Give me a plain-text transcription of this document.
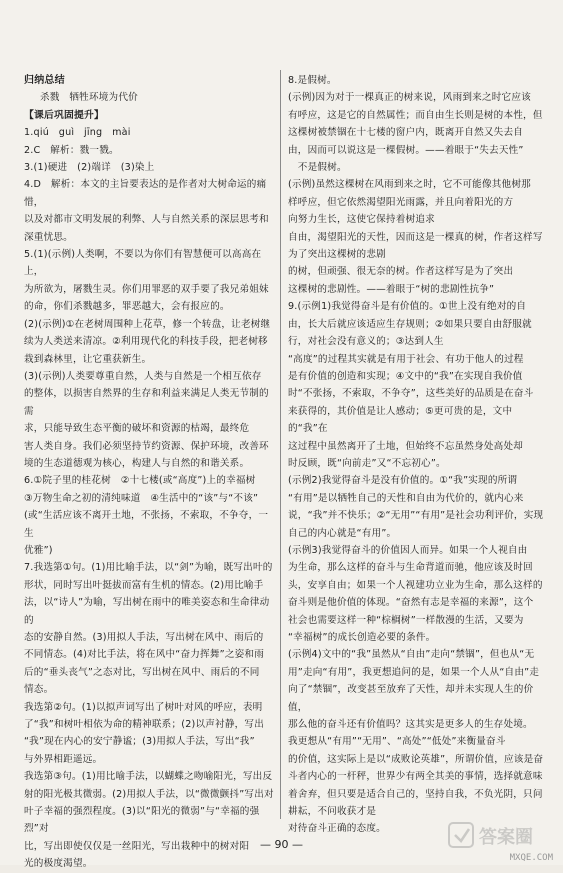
归纳总结
杀戮　牺牲环境为代价
【课后巩固提升】
1.qiú　guì　jīng　mài
2.C　解析：戮一戮。
3.(1)硬进　(2)端详　(3)染上
4.D　解析：本文的主旨要表达的是作者对大树命运的痛惜，
以及对都市文明发展的利弊、人与自然关系的深层思考和
深重忧思。
5.(1)(示例)人类啊，不要以为你们有智慧便可以高高在上，
为所欲为，屠戮生灵。你们用罪恶的双手要了我兄弟姐妹
的命，你们杀戮越多，罪恶越大，会有报应的。
(2)(示例)①在老树周围种上花草，修一个转盘，让老树继
续为人类送来清凉。②利用现代化的科技手段，把老树移
栽到森林里，让它重获新生。
(3)(示例)人类要尊重自然，人类与自然是一个相互依存
的整体，以损害自然界的生存和利益来满足人类无节制的需
求，只能导致生态平衡的破坏和资源的枯竭，最终危
害人类自身。我们必须坚持节约资源、保护环境，改善环
境的生态道德观为核心，构建人与自然的和谐关系。
6.①院子里的桂花树　②十七楼(或“高度”)上的幸福树
③万物生命之初的清纯味道　④生活中的“该”与“不该”
(或“生活应该不离开土地，不张扬，不索取，不争夺，一生
优雅”)
7.我选第①句。(1)用比喻手法，以“剑”为喻，既写出叶的
形状，同时写出叶挺拔而富有生机的情态。(2)用比喻手
法，以“诗人”为喻，写出树在雨中的唯美姿态和生命律动的
态的安静自然。(3)用拟人手法，写出树在风中、雨后的
不同情态。(4)对比手法，将在风中“奋力挥舞”之姿和雨
后的“垂头丧气”之态对比，写出树在风中、雨后的不同
情态。
我选第②句。(1)以拟声词写出了树叶对风的呼应，表明
了“我”和树叶相依为命的精神联系；(2)以声衬静，写出
“我”现在内心的安宁静谧；(3)用拟人手法，写出“我”
与外界相距遥远。
我选第③句。(1)用比喻手法，以蝴蝶之吻喻阳光，写出反
射的阳光极其微弱。(2)用拟人手法，以“微微颤抖”写出对
叶子幸福的强烈程度。(3)以“阳光的微弱”与“幸福的强烈”对
比，写出即使仅仅是一丝阳光，写出栽种中的树对阳
光的极度渴望。
8.是假树。
(示例)因为对于一棵真正的树来说，风雨到来之时它应该
有呼应，这是它的自然属性；而自由生长则是树的本性，但
这棵树被禁锢在十七楼的窗户内，既离开自然又失去自
由，因而可以说这是一棵假树。——着眼于“失去天性”
　不是假树。
(示例)虽然这棵树在风雨到来之时，它不可能像其他树那
样呼应，但它依然渴望阳光雨露，并且向着阳光的方
向努力生长，这使它保持着树追求
自由，渴望阳光的天性，因而这是一棵真的树，作者这样写为了突出这棵树的悲剧
的树，但顽强、很无奈的树。作者这样写是为了突出
这棵树的悲剧性。——着眼于“树的悲剧性抗争”
9.(示例1)我觉得奋斗是有价值的。①世上没有绝对的自
由，长大后就应该适应生存规则；②如果只要自由舒服就
行，对社会没有意义的；③达到人生
“高度”的过程其实就是有用于社会、有功于他人的过程
是有价值的创造和实现；④文中的“我”在实现自我价值
时“不张扬，不索取，不争夺”，这些美好的品质是在奋斗
来获得的，其价值是让人感动；⑤更可贵的是，文中的“我”在
这过程中虽然离开了土地，但始终不忘虽然身处高处却
时反顾，既“向前走”又“不忘初心”。
(示例2)我觉得奋斗是没有价值的。①“我”实现的所谓
“有用”是以牺牲自己的天性和自由为代价的，就内心来
说，“我”并不快乐；②“无用”“有用”是社会功利评价，实现
自己的内心就是“有用”。
(示例3)我觉得奋斗的价值因人而异。如果一个人视自由
为生命，那么这样的奋斗与生命背道而驰，他应该及时回
头，安享自由；如果一个人视建功立业为生命，那么这样的
奋斗则是他价值的体现。“奋然有志是幸福的来源”，这个
社会也需要这样一种“棕榈树”一样散漫的生活，又要为
“幸福树”的成长创造必要的条件。
(示例4)文中的“我”虽然从“自由”走向“禁锢”，但也从“无
用”走向“有用”，我更想追问的是，如果一个人从“自由”走
向了“禁锢”，改变甚至放弃了天性，却并未实现人生的价值，
那么他的奋斗还有价值吗？这其实是更多人的生存处境。
我更想从“有用”“无用”、“高处”“低处”来衡量奋斗
的价值，这实际上是以“成败论英雄”，所谓价值，应该是奋
斗者内心的一杆秤，世界少有两全其美的事情，选择就意味
着舍弃，但只要是适合自己的，坚持自我，不负光阴，只问耕耘，不问收获才是
对待奋斗正确的态度。
— 90 —	答案圈
MXQE.COM
